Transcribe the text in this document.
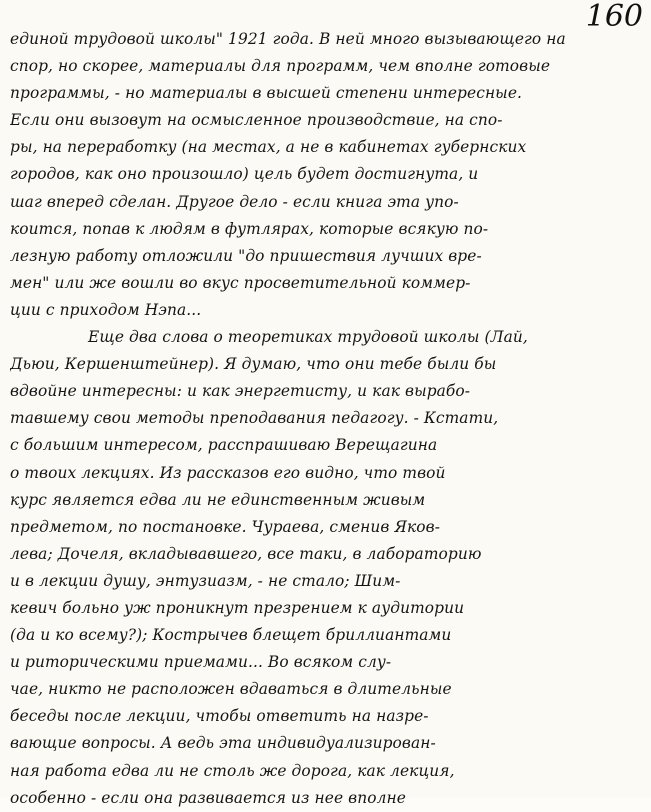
160
единой трудовой школы" 1921 года. В ней много вызывающего на
спор, но скорее, материалы для программ, чем вполне готовые
программы, - но материалы в высшей степени интересные.
Если они вызовут на осмысленное производствие, на спо-
ры, на переработку (на местах, а не в кабинетах губернских
городов, как оно произошло) цель будет достигнута, и
шаг вперед сделан. Другое дело - если книга эта упо-
коится, попав к людям в футлярах, которые всякую по-
лезную работу отложили "до пришествия лучших вре-
мен" или же вошли во вкус просветительной коммер-
ции с приходом Нэпа...
Еще два слова о теоретиках трудовой школы (Лай,
Дьюи, Кершенштейнер). Я думаю, что они тебе были бы
вдвойне интересны: и как энергетисту, и как вырабо-
тавшему свои методы преподавания педагогу. - Кстати,
с большим интересом, расспрашиваю Верещагина
о твоих лекциях. Из рассказов его видно, что твой
курс является едва ли не единственным живым
предметом, по постановке. Чураева, сменив Яков-
лева; Дочеля, вкладывавшего, все таки, в лабораторию
и в лекции душу, энтузиазм, - не стало; Шим-
кевич больно уж проникнут презрением к аудитории
(да и ко всему?); Кострычев блещет бриллиантами
и риторическими приемами... Во всяком слу-
чае, никто не расположен вдаваться в длительные
беседы после лекции, чтобы ответить на назре-
вающие вопросы. А ведь эта индивидуализирован-
ная работа едва ли не столь же дорога, как лекция,
особенно - если она развивается из нее вполне
